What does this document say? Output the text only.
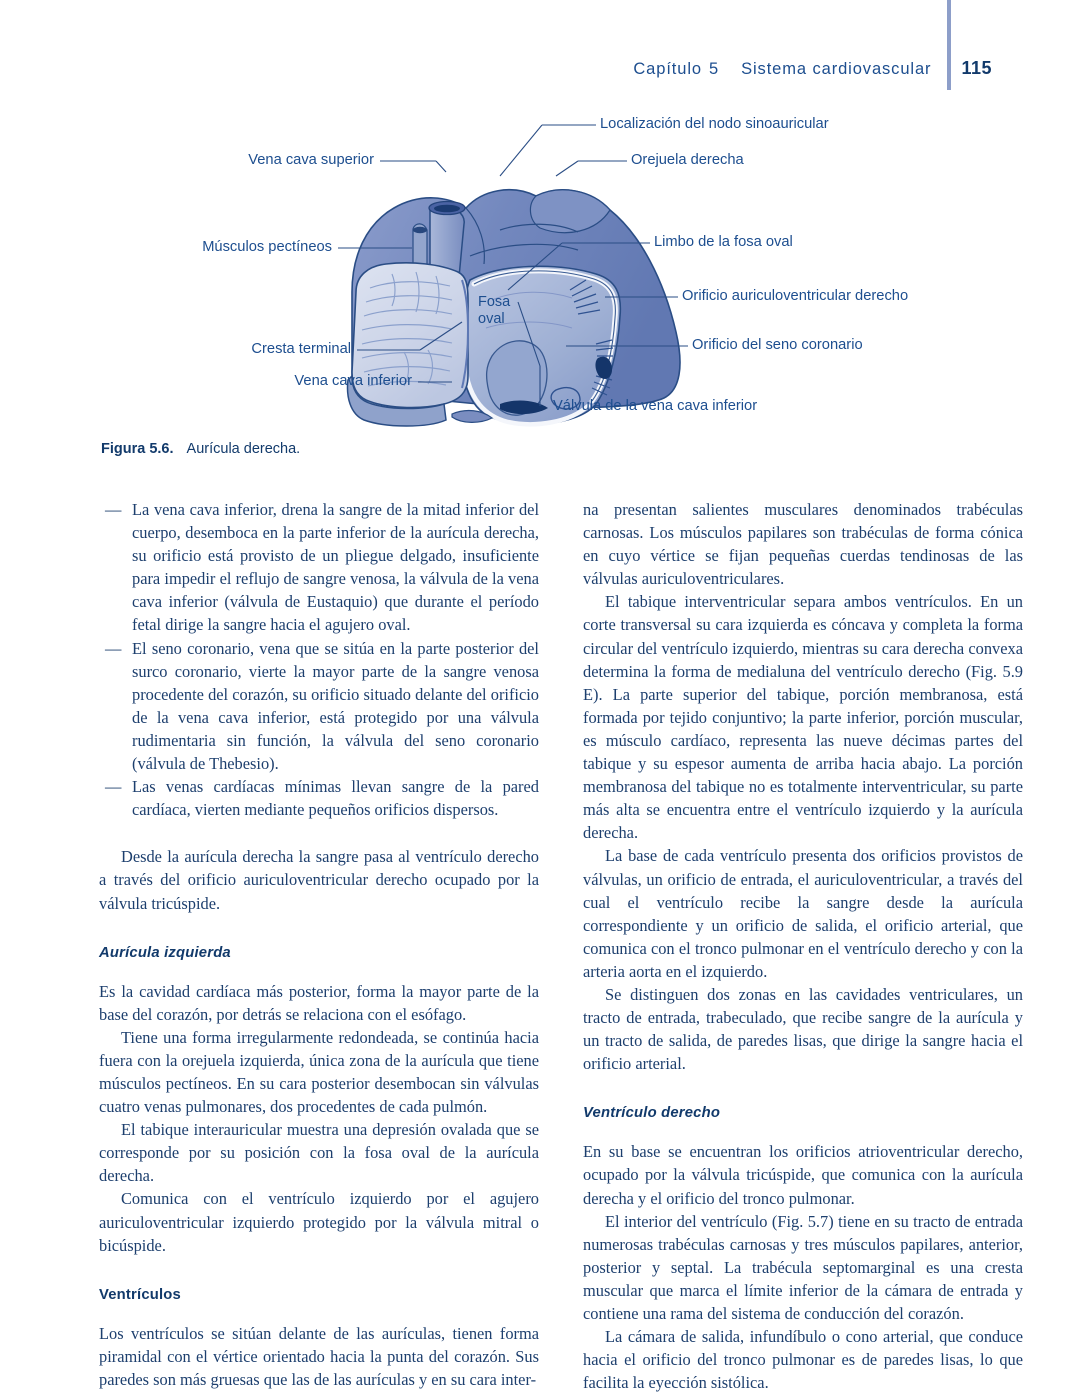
Capítulo 5 Sistema cardiovascular 115
Vena cava superior
Músculos pectíneos
Cresta terminal
Vena cava inferior
Localización del nodo sinoauricular
Orejuela derecha
Limbo de la fosa oval
Orificio auriculoventricular derecho
Orificio del seno coronario
Válvula de la vena cava inferior
Fosa
oval
Figura 5.6. Aurícula derecha.
— La vena cava inferior, drena la sangre de la mitad inferior del cuerpo, desemboca en la parte inferior de la aurícula derecha, su orificio está provisto de un pliegue delgado, insuficiente para impedir el reflujo de sangre venosa, la válvula de la vena cava inferior (válvula de Eustaquio) que durante el período fetal dirige la sangre hacia el agujero oval.
— El seno coronario, vena que se sitúa en la parte posterior del surco coronario, vierte la mayor parte de la sangre venosa procedente del corazón, su orificio situado delante del orificio de la vena cava inferior, está protegido por una válvula rudimentaria sin función, la válvula del seno coronario (válvula de Thebesio).
— Las venas cardíacas mínimas llevan sangre de la pared cardíaca, vierten mediante pequeños orificios dispersos.

Desde la aurícula derecha la sangre pasa al ventrículo derecho a través del orificio auriculoventricular derecho ocupado por la válvula tricúspide.

Aurícula izquierda

Es la cavidad cardíaca más posterior, forma la mayor parte de la base del corazón, por detrás se relaciona con el esófago.

Tiene una forma irregularmente redondeada, se continúa hacia fuera con la orejuela izquierda, única zona de la aurícula que tiene músculos pectíneos. En su cara posterior desembocan sin válvulas cuatro venas pulmonares, dos procedentes de cada pulmón.

El tabique interauricular muestra una depresión ovalada que se corresponde por su posición con la fosa oval de la aurícula derecha.

Comunica con el ventrículo izquierdo por el agujero auriculoventricular izquierdo protegido por la válvula mitral o bicúspide.

Ventrículos

Los ventrículos se sitúan delante de las aurículas, tienen forma piramidal con el vértice orientado hacia la punta del corazón. Sus paredes son más gruesas que las de las aurículas y en su cara inter-

na presentan salientes musculares denominados trabéculas carnosas. Los músculos papilares son trabéculas de forma cónica en cuyo vértice se fijan pequeñas cuerdas tendinosas de las válvulas auriculoventriculares.

El tabique interventricular separa ambos ventrículos. En un corte transversal su cara izquierda es cóncava y completa la forma circular del ventrículo izquierdo, mientras su cara derecha convexa determina la forma de medialuna del ventrículo derecho (Fig. 5.9 E). La parte superior del tabique, porción membranosa, está formada por tejido conjuntivo; la parte inferior, porción muscular, es músculo cardíaco, representa las nueve décimas partes del tabique y su espesor aumenta de arriba hacia abajo. La porción membranosa del tabique no es totalmente interventricular, su parte más alta se encuentra entre el ventrículo izquierdo y la aurícula derecha.

La base de cada ventrículo presenta dos orificios provistos de válvulas, un orificio de entrada, el auriculoventricular, a través del cual el ventrículo recibe la sangre desde la aurícula correspondiente y un orificio de salida, el orificio arterial, que comunica con el tronco pulmonar en el ventrículo derecho y con la arteria aorta en el izquierdo.

Se distinguen dos zonas en las cavidades ventriculares, un tracto de entrada, trabeculado, que recibe sangre de la aurícula y un tracto de salida, de paredes lisas, que dirige la sangre hacia el orificio arterial.

Ventrículo derecho

En su base se encuentran los orificios atrioventricular derecho, ocupado por la válvula tricúspide, que comunica con la aurícula derecha y el orificio del tronco pulmonar.

El interior del ventrículo (Fig. 5.7) tiene en su tracto de entrada numerosas trabéculas carnosas y tres músculos papilares, anterior, posterior y septal. La trabécula septomarginal es una cresta muscular que marca el límite inferior de la cámara de entrada y contiene una rama del sistema de conducción del corazón.

La cámara de salida, infundíbulo o cono arterial, que conduce hacia el orificio del tronco pulmonar es de paredes lisas, lo que facilita la eyección sistólica.
